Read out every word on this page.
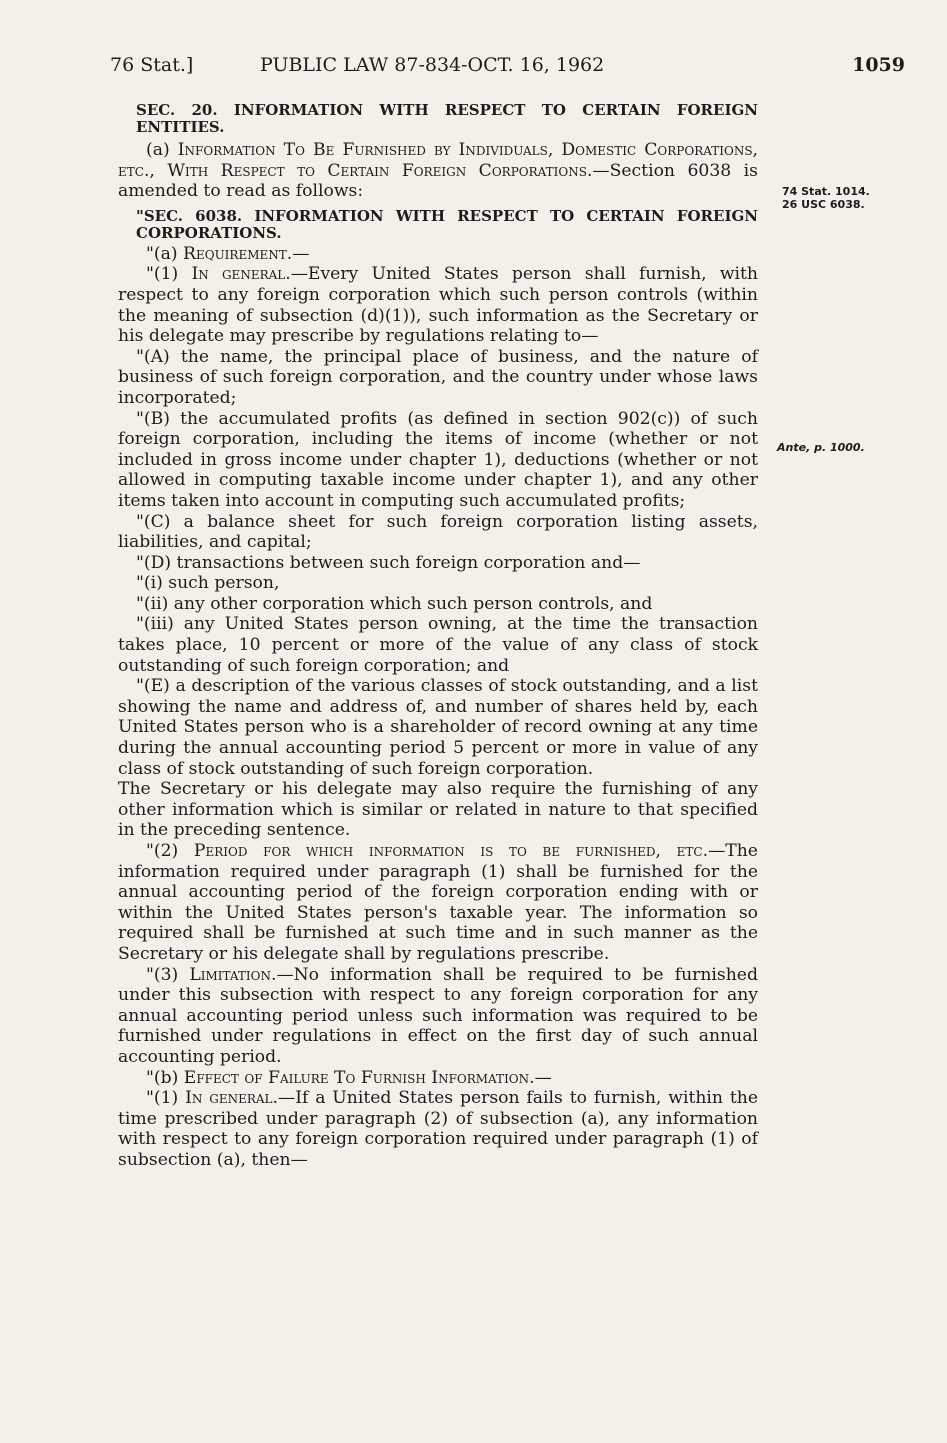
76 Stat.]	PUBLIC LAW 87-834-OCT. 16, 1962	1059
74 Stat. 1014.
26 USC 6038.
Ante, p. 1000.

SEC. 20. INFORMATION WITH RESPECT TO CERTAIN FOREIGN ENTITIES.

(a) Information To Be Furnished by Individuals, Domestic Corporations, etc., With Respect to Certain Foreign Corporations.—Section 6038 is amended to read as follows:

"SEC. 6038. INFORMATION WITH RESPECT TO CERTAIN FOREIGN CORPORATIONS.

"(a) Requirement.—

"(1) In general.—Every United States person shall furnish, with respect to any foreign corporation which such person controls (within the meaning of subsection (d)(1)), such information as the Secretary or his delegate may prescribe by regulations relating to—

"(A) the name, the principal place of business, and the nature of business of such foreign corporation, and the country under whose laws incorporated;

"(B) the accumulated profits (as defined in section 902(c)) of such foreign corporation, including the items of income (whether or not included in gross income under chapter 1), deductions (whether or not allowed in computing taxable income under chapter 1), and any other items taken into account in computing such accumulated profits;

"(C) a balance sheet for such foreign corporation listing assets, liabilities, and capital;

"(D) transactions between such foreign corporation and—

"(i) such person,

"(ii) any other corporation which such person controls, and

"(iii) any United States person owning, at the time the transaction takes place, 10 percent or more of the value of any class of stock outstanding of such foreign corporation; and

"(E) a description of the various classes of stock outstanding, and a list showing the name and address of, and number of shares held by, each United States person who is a shareholder of record owning at any time during the annual accounting period 5 percent or more in value of any class of stock outstanding of such foreign corporation.

The Secretary or his delegate may also require the furnishing of any other information which is similar or related in nature to that specified in the preceding sentence.

"(2) Period for which information is to be furnished, etc.—The information required under paragraph (1) shall be furnished for the annual accounting period of the foreign corporation ending with or within the United States person's taxable year. The information so required shall be furnished at such time and in such manner as the Secretary or his delegate shall by regulations prescribe.

"(3) Limitation.—No information shall be required to be furnished under this subsection with respect to any foreign corporation for any annual accounting period unless such information was required to be furnished under regulations in effect on the first day of such annual accounting period.

"(b) Effect of Failure To Furnish Information.—

"(1) In general.—If a United States person fails to furnish, within the time prescribed under paragraph (2) of subsection (a), any information with respect to any foreign corporation required under paragraph (1) of subsection (a), then—
